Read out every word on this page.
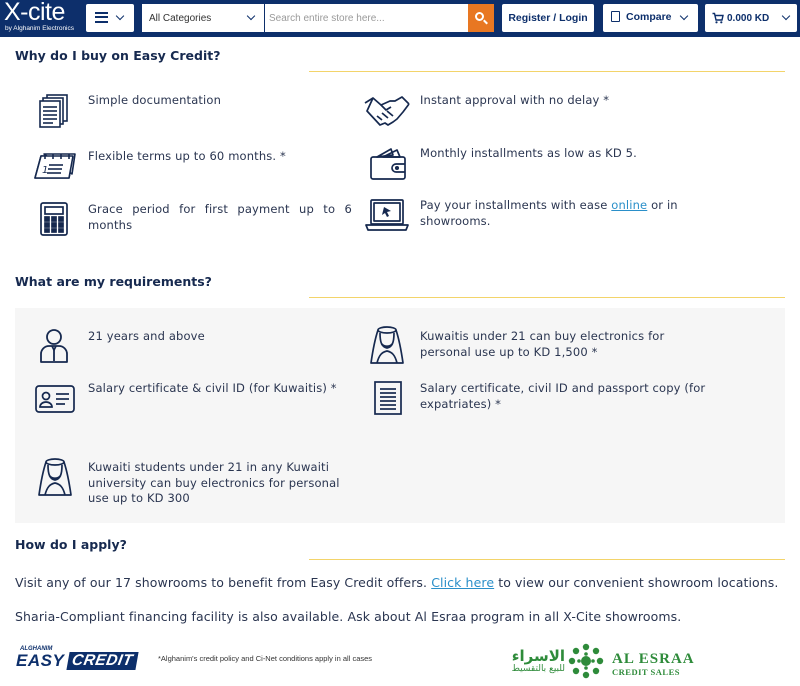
X-cite
by Alghanim Electronics
All Categories
Search entire store here...	Register / Login	Compare	0.000 KD
Why do I buy on Easy Credit?
Simple documentation	Instant approval with no delay *
1
Flexible terms up to 60 months. *	Monthly installments as low as KD 5.
Grace period for first payment up to 6 months
Pay your installments with ease online or in showrooms.
What are my requirements?
21 years and above	Kuwaitis under 21 can buy electronics for personal use up to KD 1,500 *
Salary certificate & civil ID (for Kuwaitis) *	Salary certificate, civil ID and passport copy (for expatriates) *
Kuwaiti students under 21 in any Kuwaiti university can buy electronics for personal use up to KD 300
How do I apply?
Visit any of our 17 showrooms to benefit from Easy Credit offers. Click here to view our convenient showroom locations.
Sharia-Compliant financing facility is also available. Ask about Al Esraa program in all X-Cite showrooms.
ALGHANIM
EASY CREDIT	*Alghanim's credit policy and Ci-Net conditions apply in all cases	الاسراء
للبيع بالتقسيط
AL ESRAA
CREDIT SALES
